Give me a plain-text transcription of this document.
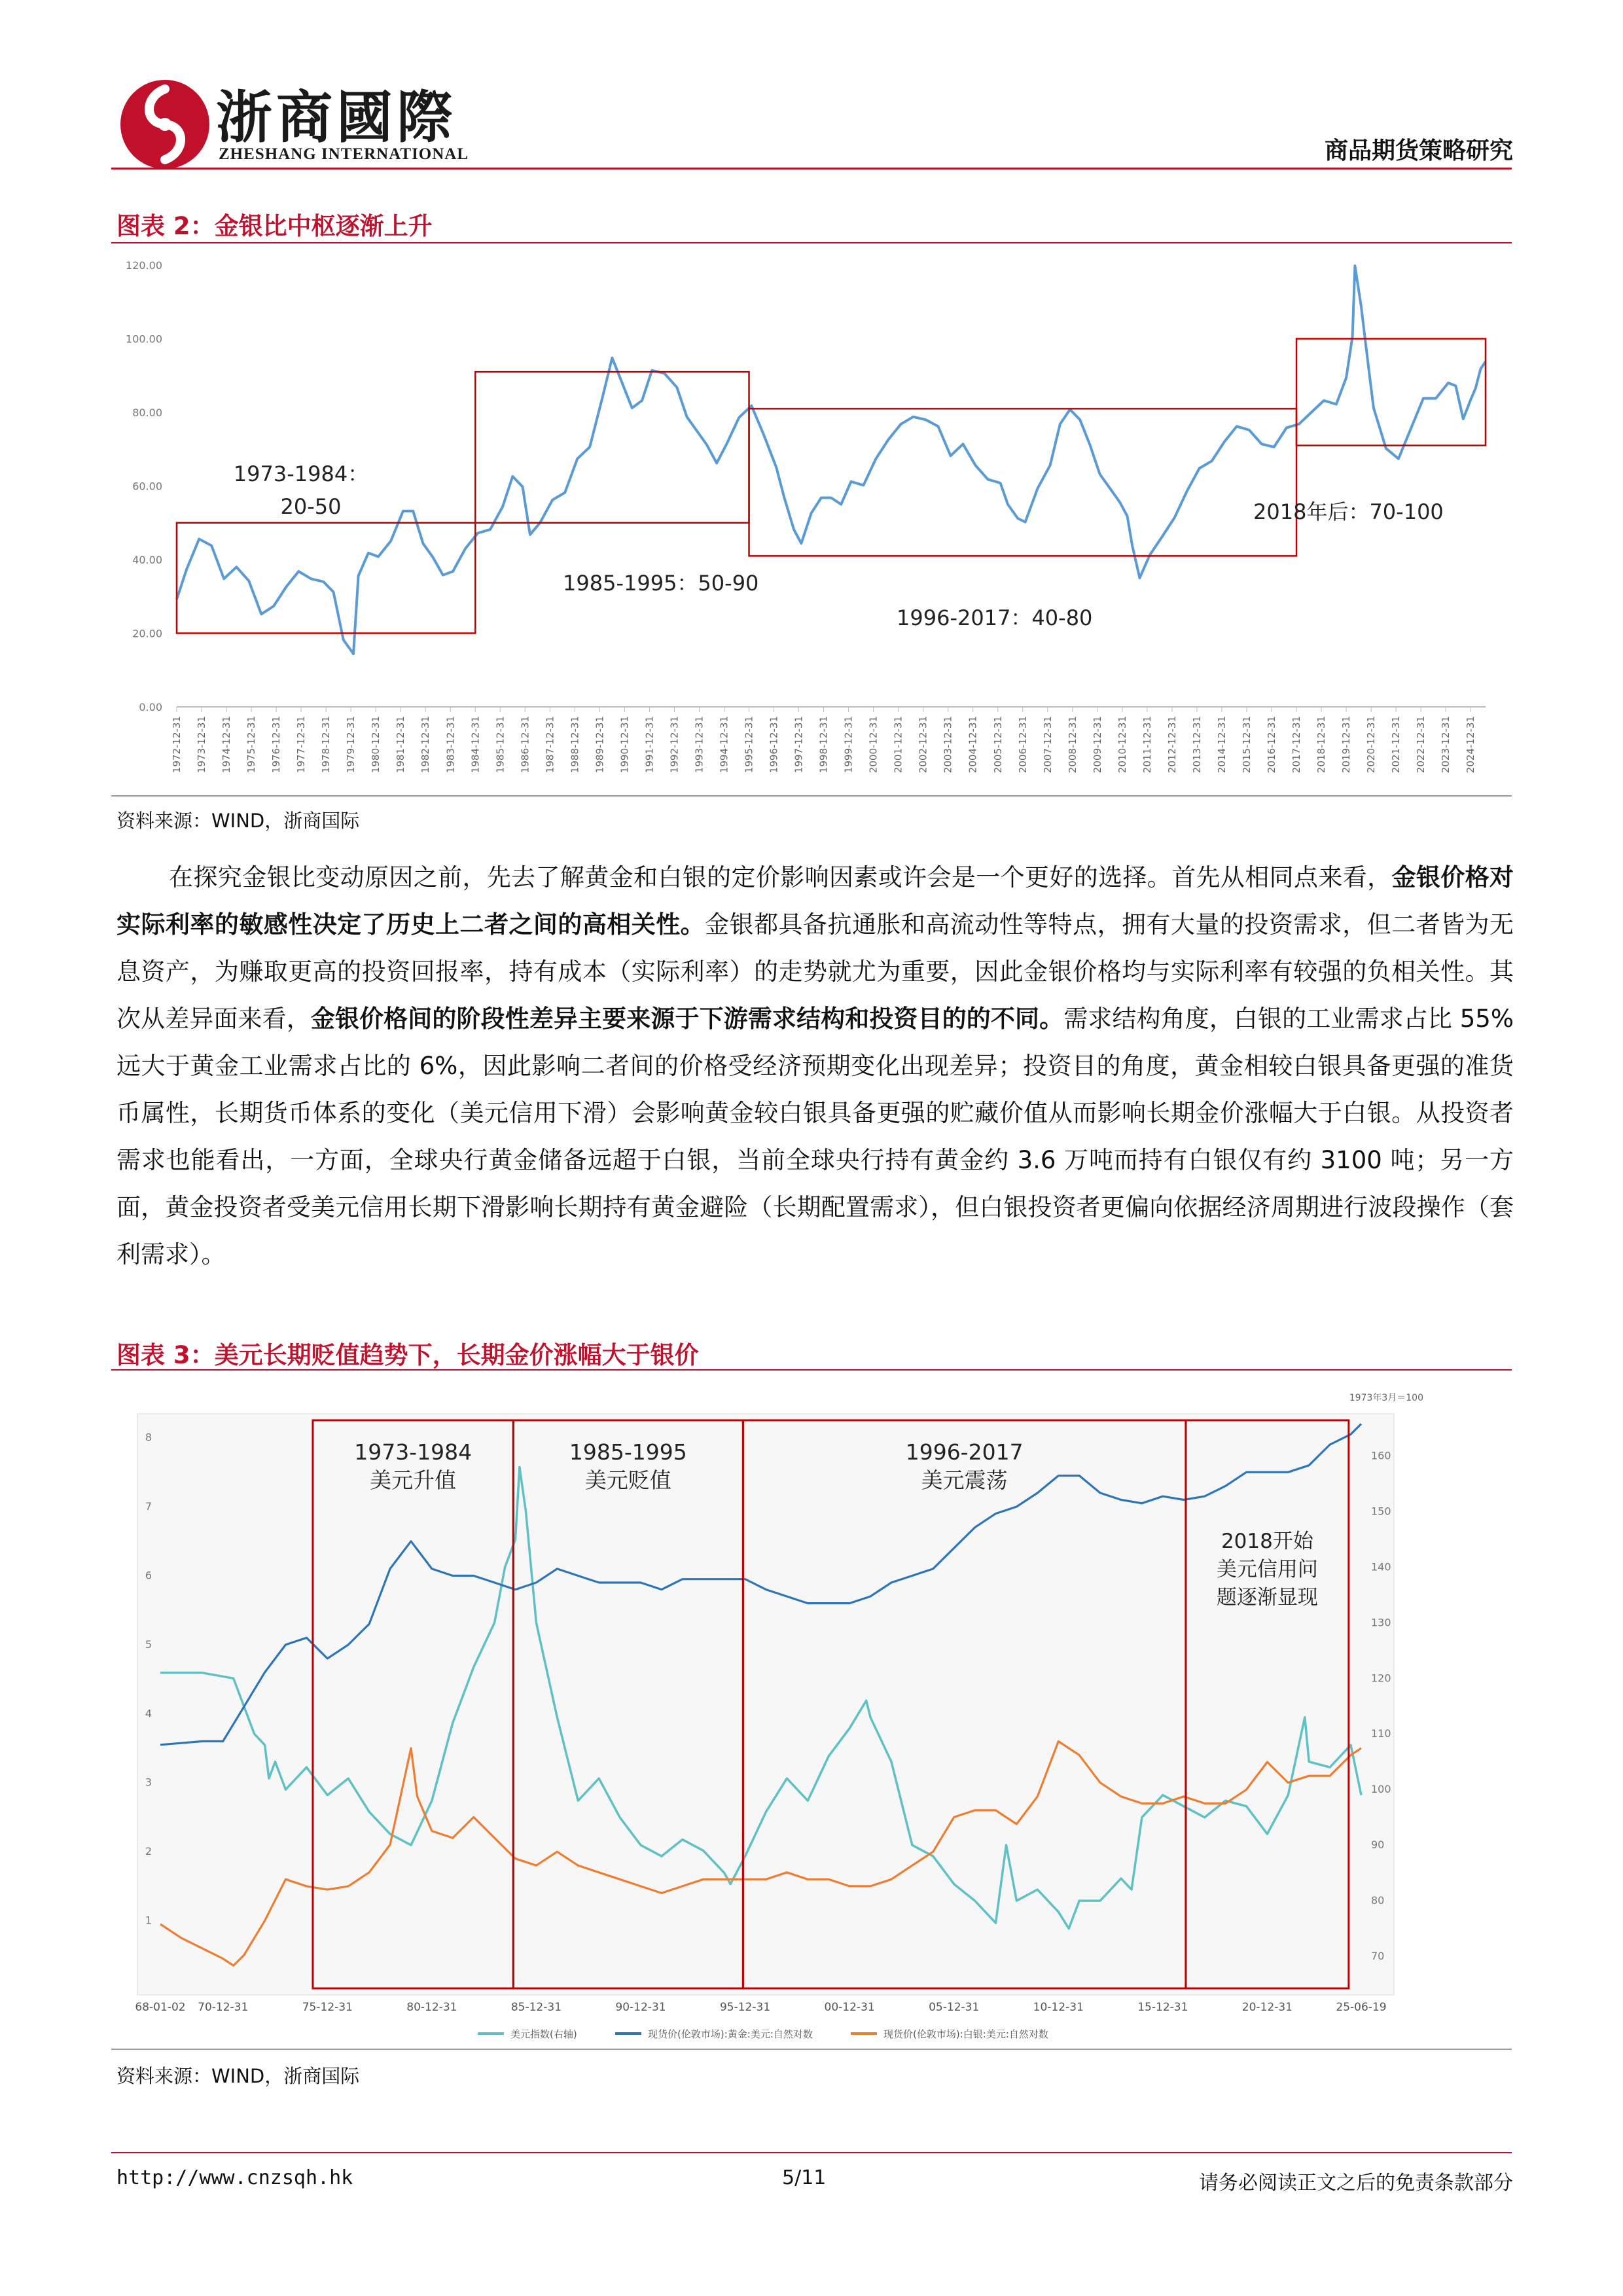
浙商國際
ZHESHANG INTERNATIONAL	商品期货策略研究
图表 2：金银比中枢逐渐上升
120.00
100.00
80.00
60.00
40.00
20.00
0.00
1972-12-31 1973-12-31 1974-12-31 1975-12-31 1976-12-31 1977-12-31 1978-12-31 1979-12-31 1980-12-31 1981-12-31 1982-12-31 1983-12-31 1984-12-31 1985-12-31 1986-12-31 1987-12-31 1988-12-31 1989-12-31 1990-12-31 1991-12-31 1992-12-31 1993-12-31 1994-12-31 1995-12-31 1996-12-31 1997-12-31 1998-12-31 1999-12-31 2000-12-31 2001-12-31 2002-12-31 2003-12-31 2004-12-31 2005-12-31 2006-12-31 2007-12-31 2008-12-31 2009-12-31 2010-12-31 2011-12-31 2012-12-31 2013-12-31 2014-12-31 2015-12-31 2016-12-31 2017-12-31 2018-12-31 2019-12-31 2020-12-31 2021-12-31 2022-12-31 2023-12-31 2024-12-31
1973-1984：
20-50
1985-1995：50-90
1996-2017：40-80
2018年后：70-100
资料来源：WIND，浙商国际
在探究金银比变动原因之前，先去了解黄金和白银的定价影响因素或许会是一个更好的选择。首先从相同点来看，金银价格对实际利率的敏感性决定了历史上二者之间的高相关性。金银都具备抗通胀和高流动性等特点，拥有大量的投资需求，但二者皆为无息资产，为赚取更高的投资回报率，持有成本（实际利率）的走势就尤为重要，因此金银价格均与实际利率有较强的负相关性。其次从差异面来看，金银价格间的阶段性差异主要来源于下游需求结构和投资目的的不同。需求结构角度，白银的工业需求占比 55%远大于黄金工业需求占比的 6%，因此影响二者间的价格受经济预期变化出现差异；投资目的角度，黄金相较白银具备更强的准货币属性，长期货币体系的变化（美元信用下滑）会影响黄金较白银具备更强的贮藏价值从而影响长期金价涨幅大于白银。从投资者需求也能看出，一方面，全球央行黄金储备远超于白银，当前全球央行持有黄金约 3.6 万吨而持有白银仅有约 3100 吨；另一方面，黄金投资者受美元信用长期下滑影响长期持有黄金避险（长期配置需求），但白银投资者更偏向依据经济周期进行波段操作（套利需求）。
图表 3：美元长期贬值趋势下，长期金价涨幅大于银价
1973年3月＝100
1
2
3
4
5
6
7
8
70
80
90
100
110
120
130
140
150
160
68-01-02 70-12-31	75-12-31	80-12-31	85-12-31	90-12-31	95-12-31	00-12-31	05-12-31	10-12-31	15-12-31	20-12-31	25-06-19
1973-1984
美元升值
1985-1995
美元贬值
1996-2017
美元震荡
2018开始
美元信用问
题逐渐显现
美元指数(右轴)	现货价(伦敦市场):黄金:美元:自然对数	现货价(伦敦市场):白银:美元:自然对数
资料来源：WIND，浙商国际
http://www.cnzsqh.hk	5/11	请务必阅读正文之后的免责条款部分
